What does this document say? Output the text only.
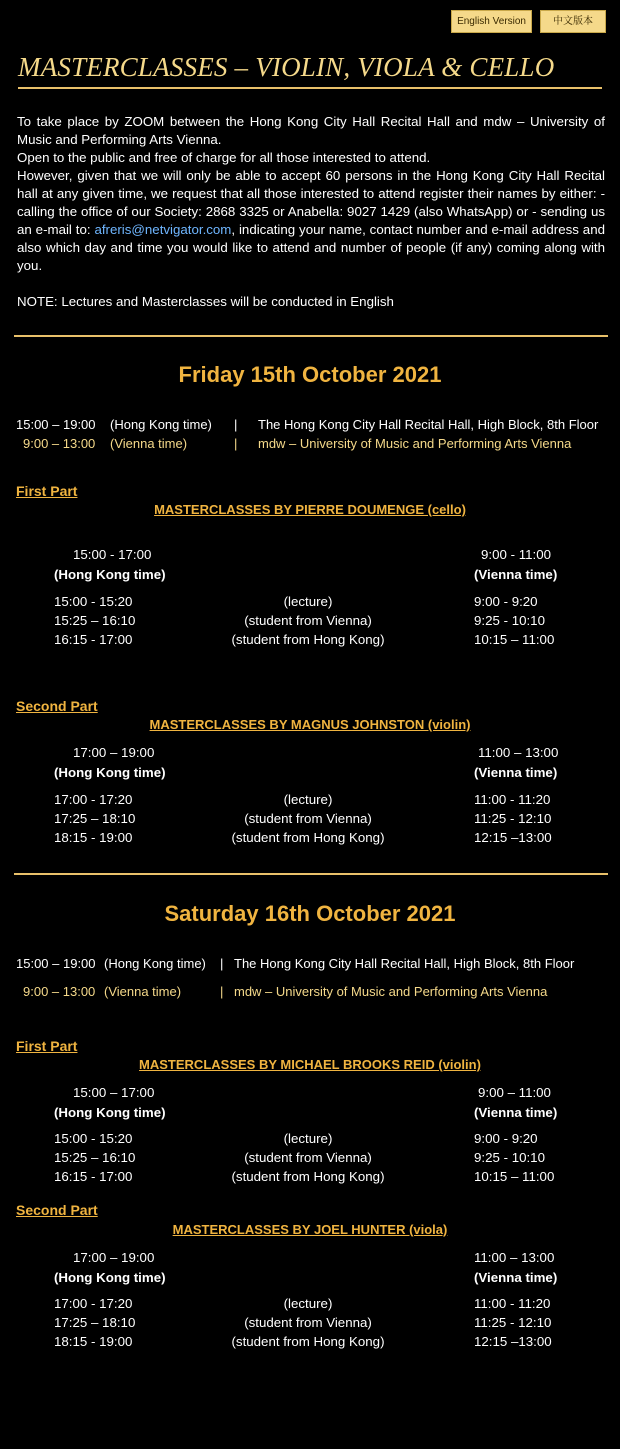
English Version	中文版本
MASTERCLASSES – VIOLIN, VIOLA & CELLO

To take place by ZOOM between the Hong Kong City Hall Recital Hall and mdw – University of Music and Performing Arts Vienna.

Open to the public and free of charge for all those interested to attend.

However, given that we will only be able to accept 60 persons in the Hong Kong City Hall Recital hall at any given time, we request that all those interested to attend register their names by either: - calling the office of our Society: 2868 3325 or Anabella: 9027 1429 (also WhatsApp) or - sending us an e-mail to: afreris@netvigator.com, indicating your name, contact number and e-mail address and also which day and time you would like to attend and number of people (if any) coming along with you.

NOTE: Lectures and Masterclasses will be conducted in English

Friday 15th October 2021
15:00 – 19:00 (Hong Kong time) | The Hong Kong City Hall Recital Hall, High Block, 8th Floor
9:00 – 13:00 (Vienna time)	| mdw – University of Music and Performing Arts Vienna
First Part
MASTERCLASSES BY PIERRE DOUMENGE (cello)
15:00 - 17:00	9:00 - 11:00
(Hong Kong time)	(Vienna time)
15:00 - 15:20	(lecture)	9:00 - 9:20
15:25 – 16:10	(student from Vienna)	9:25 - 10:10
16:15 - 17:00	(student from Hong Kong)	10:15 – 11:00
Second Part
MASTERCLASSES BY MAGNUS JOHNSTON (violin)
17:00 – 19:00	11:00 – 13:00
(Hong Kong time)	(Vienna time)
17:00 - 17:20	(lecture)	11:00 - 11:20
17:25 – 18:10	(student from Vienna)	11:25 - 12:10
18:15 - 19:00	(student from Hong Kong)	12:15 –13:00
Saturday 16th October 2021
15:00 – 19:00 (Hong Kong time) | The Hong Kong City Hall Recital Hall, High Block, 8th Floor
9:00 – 13:00 (Vienna time)	| mdw – University of Music and Performing Arts Vienna
First Part
MASTERCLASSES BY MICHAEL BROOKS REID (violin)
15:00 – 17:00	9:00 – 11:00
(Hong Kong time)	(Vienna time)
15:00 - 15:20	(lecture)	9:00 - 9:20
15:25 – 16:10	(student from Vienna)	9:25 - 10:10
16:15 - 17:00	(student from Hong Kong)	10:15 – 11:00
Second Part
MASTERCLASSES BY JOEL HUNTER (viola)
17:00 – 19:00	11:00 – 13:00
(Hong Kong time)	(Vienna time)
17:00 - 17:20	(lecture)	11:00 - 11:20
17:25 – 18:10	(student from Vienna)	11:25 - 12:10
18:15 - 19:00	(student from Hong Kong)	12:15 –13:00
